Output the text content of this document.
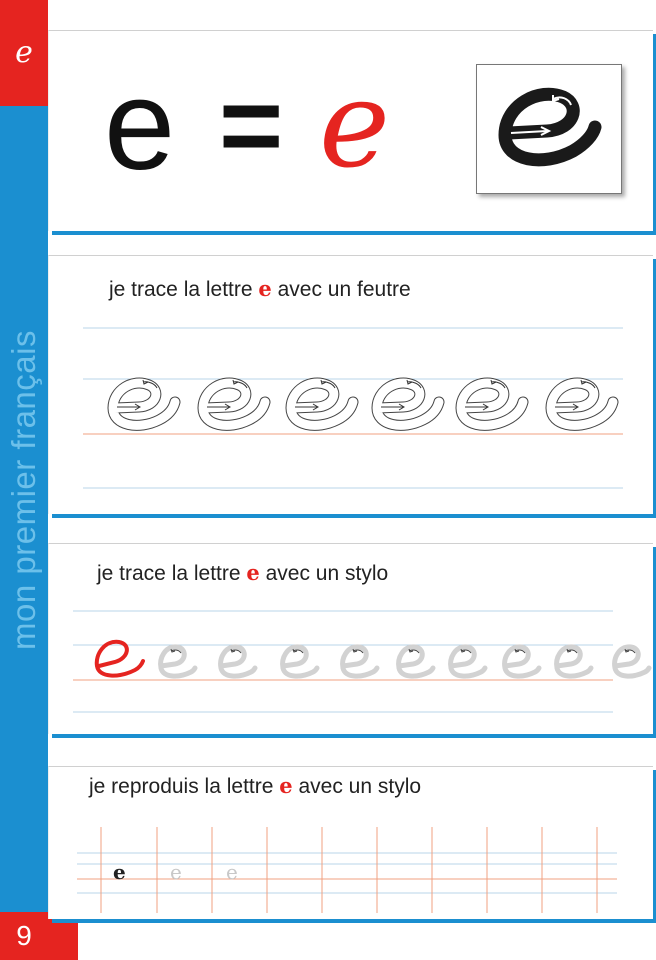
e
mon premier français
9
e = e
je trace la lettre e avec un feutre
je trace la lettre e avec un stylo
je reproduis la lettre e avec un stylo
e e e
